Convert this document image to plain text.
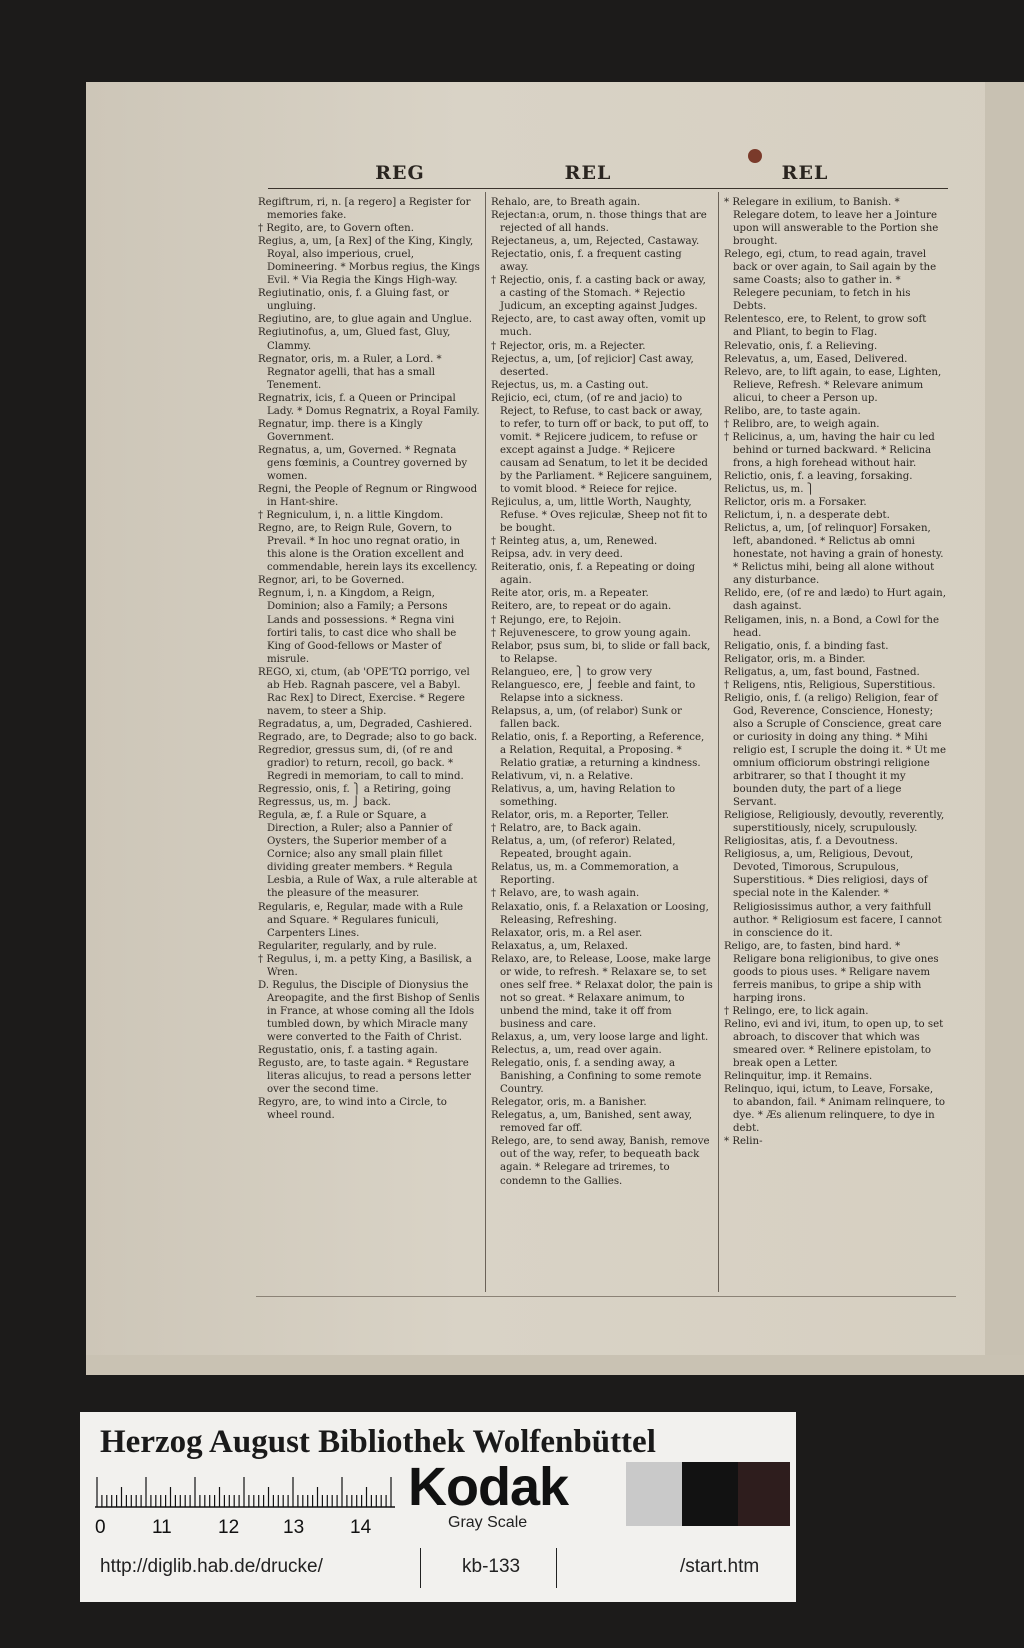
REG	REL	REL

Regiftrum, ri, n. [a regero] a Register for memories fake.

† Regito, are, to Govern often.

Regius, a, um, [a Rex] of the King, Kingly, Royal, also imperious, cruel, Domineering. * Morbus regius, the Kings Evil. * Via Regia the Kings High-way.

Regiutinatio, onis, f. a Gluing fast, or ungluing.

Regiutino, are, to glue again and Unglue.

Regiutinofus, a, um, Glued fast, Gluy, Clammy.

Regnator, oris, m. a Ruler, a Lord. * Regnator agelli, that has a small Tenement.

Regnatrix, icis, f. a Queen or Principal Lady. * Domus Regnatrix, a Royal Family.

Regnatur, imp. there is a Kingly Government.

Regnatus, a, um, Governed. * Regnata gens fœminis, a Countrey governed by women.

Regni, the People of Regnum or Ringwood in Hant-shire.

† Regniculum, i, n. a little Kingdom.

Regno, are, to Reign Rule, Govern, to Prevail. * In hoc uno regnat oratio, in this alone is the Oration excellent and commendable, herein lays its excellency.

Regnor, ari, to be Governed.

Regnum, i, n. a Kingdom, a Reign, Dominion; also a Family; a Persons Lands and possessions. * Regna vini fortiri talis, to cast dice who shall be King of Good-fellows or Master of misrule.

REGO, xi, ctum, (ab 'OPE'TΩ porrigo, vel ab Heb. Ragnah pascere, vel a Babyl. Rac Rex] to Direct, Exercise. * Regere navem, to steer a Ship.

Regradatus, a, um, Degraded, Cashiered.

Regrado, are, to Degrade; also to go back.

Regredior, gressus sum, di, (of re and gradior) to return, recoil, go back. * Regredi in memoriam, to call to mind.

Regressio, onis, f. ⎫ a Retiring, going

Regressus, us, m. ⎭ back.

Regula, æ, f. a Rule or Square, a Direction, a Ruler; also a Pannier of Oysters, the Superior member of a Cornice; also any small plain fillet dividing greater members. * Regula Lesbia, a Rule of Wax, a rule alterable at the pleasure of the measurer.

Regularis, e, Regular, made with a Rule and Square. * Regulares funiculi, Carpenters Lines.

Regulariter, regularly, and by rule.

† Regulus, i, m. a petty King, a Basilisk, a Wren.

D. Regulus, the Disciple of Dionysius the Areopagite, and the first Bishop of Senlis in France, at whose coming all the Idols tumbled down, by which Miracle many were converted to the Faith of Christ.

Regustatio, onis, f. a tasting again.

Regusto, are, to taste again. * Regustare literas alicujus, to read a persons letter over the second time.

Regyro, are, to wind into a Circle, to wheel round.

Rehalo, are, to Breath again.

Rejectan:a, orum, n. those things that are rejected of all hands.

Rejectaneus, a, um, Rejected, Castaway.

Rejectatio, onis, f. a frequent casting away.

† Rejectio, onis, f. a casting back or away, a casting of the Stomach. * Rejectio Judicum, an excepting against Judges.

Rejecto, are, to cast away often, vomit up much.

† Rejector, oris, m. a Rejecter.

Rejectus, a, um, [of rejicior] Cast away, deserted.

Rejectus, us, m. a Casting out.

Rejicio, eci, ctum, (of re and jacio) to Reject, to Refuse, to cast back or away, to refer, to turn off or back, to put off, to vomit. * Rejicere judicem, to refuse or except against a Judge. * Rejicere causam ad Senatum, to let it be decided by the Parliament. * Rejicere sanguinem, to vomit blood. * Reiece for rejice.

Rejiculus, a, um, little Worth, Naughty, Refuse. * Oves rejiculæ, Sheep not fit to be bought.

† Reinteg atus, a, um, Renewed.

Reipsa, adv. in very deed.

Reiteratio, onis, f. a Repeating or doing again.

Reite ator, oris, m. a Repeater.

Reitero, are, to repeat or do again.

† Rejungo, ere, to Rejoin.

† Rejuvenescere, to grow young again.

Relabor, psus sum, bi, to slide or fall back, to Relapse.

Relangueo, ere, ⎫ to grow very

Relanguesco, ere, ⎭ feeble and faint, to Relapse into a sickness.

Relapsus, a, um, (of relabor) Sunk or fallen back.

Relatio, onis, f. a Reporting, a Reference, a Relation, Requital, a Proposing. * Relatio gratiæ, a returning a kindness.

Relativum, vi, n. a Relative.

Relativus, a, um, having Relation to something.

Relator, oris, m. a Reporter, Teller.

† Relatro, are, to Back again.

Relatus, a, um, (of referor) Related, Repeated, brought again.

Relatus, us, m. a Commemoration, a Reporting.

† Relavo, are, to wash again.

Relaxatio, onis, f. a Relaxation or Loosing, Releasing, Refreshing.

Relaxator, oris, m. a Rel aser.

Relaxatus, a, um, Relaxed.

Relaxo, are, to Release, Loose, make large or wide, to refresh. * Relaxare se, to set ones self free. * Relaxat dolor, the pain is not so great. * Relaxare animum, to unbend the mind, take it off from business and care.

Relaxus, a, um, very loose large and light.

Relectus, a, um, read over again.

Relegatio, onis, f. a sending away, a Banishing, a Confining to some remote Country.

Relegator, oris, m. a Banisher.

Relegatus, a, um, Banished, sent away, removed far off.

Relego, are, to send away, Banish, remove out of the way, refer, to bequeath back again. * Relegare ad triremes, to condemn to the Gallies.

* Relegare in exilium, to Banish. * Relegare dotem, to leave her a Jointure upon will answerable to the Portion she brought.

Relego, egi, ctum, to read again, travel back or over again, to Sail again by the same Coasts; also to gather in. * Relegere pecuniam, to fetch in his Debts.

Relentesco, ere, to Relent, to grow soft and Pliant, to begin to Flag.

Relevatio, onis, f. a Relieving.

Relevatus, a, um, Eased, Delivered.

Relevo, are, to lift again, to ease, Lighten, Relieve, Refresh. * Relevare animum alicui, to cheer a Person up.

Relibo, are, to taste again.

† Relibro, are, to weigh again.

† Relicinus, a, um, having the hair cu led behind or turned backward. * Relicina frons, a high forehead without hair.

Relictio, onis, f. a leaving, forsaking.

Relictus, us, m. ⎫

Relictor, oris m. a Forsaker.

Relictum, i, n. a desperate debt.

Relictus, a, um, [of relinquor] Forsaken, left, abandoned. * Relictus ab omni honestate, not having a grain of honesty. * Relictus mihi, being all alone without any disturbance.

Relido, ere, (of re and lædo) to Hurt again, dash against.

Religamen, inis, n. a Bond, a Cowl for the head.

Religatio, onis, f. a binding fast.

Religator, oris, m. a Binder.

Religatus, a, um, fast bound, Fastned.

† Religens, ntis, Religious, Superstitious.

Religio, onis, f. (a religo) Religion, fear of God, Reverence, Conscience, Honesty; also a Scruple of Conscience, great care or curiosity in doing any thing. * Mihi religio est, I scruple the doing it. * Ut me omnium officiorum obstringi religione arbitrarer, so that I thought it my bounden duty, the part of a liege Servant.

Religiose, Religiously, devoutly, reverently, superstitiously, nicely, scrupulously.

Religiositas, atis, f. a Devoutness.

Religiosus, a, um, Religious, Devout, Devoted, Timorous, Scrupulous, Superstitious. * Dies religiosi, days of special note in the Kalender. * Religiosissimus author, a very faithfull author. * Religiosum est facere, I cannot in conscience do it.

Religo, are, to fasten, bind hard. * Religare bona religionibus, to give ones goods to pious uses. * Religare navem ferreis manibus, to gripe a ship with harping irons.

† Relingo, ere, to lick again.

Relino, evi and ivi, itum, to open up, to set abroach, to discover that which was smeared over. * Relinere epistolam, to break open a Letter.

Relinquitur, imp. it Remains.

Relinquo, iqui, ictum, to Leave, Forsake, to abandon, fail. * Animam relinquere, to dye. * Æs alienum relinquere, to dye in debt.

* Relin-

Herzog August Bibliothek Wolfenbüttel
0 11 12 13 14
Kodak
Gray Scale
http://diglib.hab.de/drucke/	kb-133	/start.htm
